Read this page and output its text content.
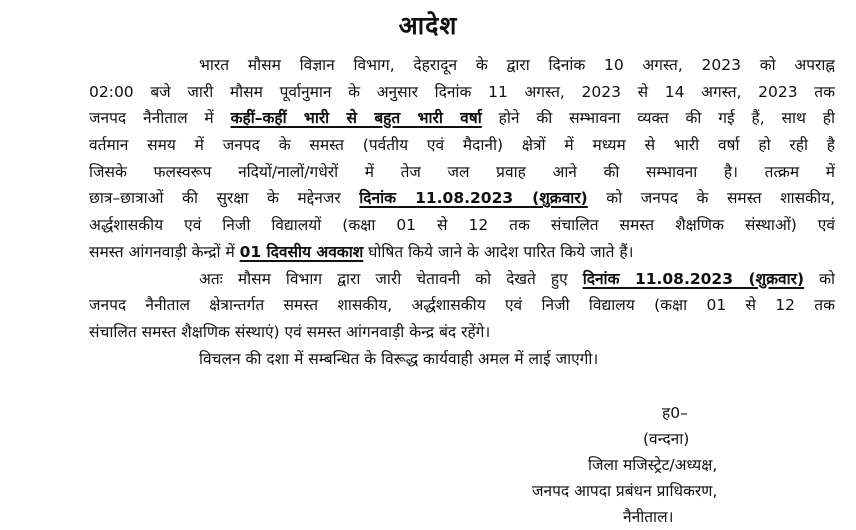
आदेश
भारत मौसम विज्ञान विभाग, देहरादून के द्वारा दिनांक 10 अगस्त, 2023 को अपराह्न
02:00 बजे जारी मौसम पूर्वानुमान के अनुसार दिनांक 11 अगस्त, 2023 से 14 अगस्त, 2023 तक
जनपद नैनीताल में कहीं–कहीं भारी से बहुत भारी वर्षा होने की सम्भावना व्यक्त की गई हैं, साथ ही
वर्तमान समय में जनपद के समस्त (पर्वतीय एवं मैदानी) क्षेत्रों में मध्यम से भारी वर्षा हो रही है
जिसके फलस्वरूप नदियों/नालों/गधेरों में तेज जल प्रवाह आने की सम्भावना है। तत्क्रम में
छात्र–छात्राओं की सुरक्षा के मद्देनजर दिनांक 11.08.2023 (शुक्रवार) को जनपद के समस्त शासकीय,
अर्द्धशासकीय एवं निजी विद्यालयों (कक्षा 01 से 12 तक संचालित समस्त शैक्षणिक संस्थाओं) एवं
समस्त आंगनवाड़ी केन्द्रों में 01 दिवसीय अवकाश घोषित किये जाने के आदेश पारित किये जाते हैं।
अतः मौसम विभाग द्वारा जारी चेतावनी को देखते हुए दिनांक 11.08.2023 (शुक्रवार) को
जनपद नैनीताल क्षेत्रान्तर्गत समस्त शासकीय, अर्द्धशासकीय एवं निजी विद्यालय (कक्षा 01 से 12 तक
संचालित समस्त शैक्षणिक संस्थाएं) एवं समस्त आंगनवाड़ी केन्द्र बंद रहेंगे।
विचलन की दशा में सम्बन्धित के विरूद्ध कार्यवाही अमल में लाई जाएगी।
ह0–
(वन्दना)
जिला मजिस्ट्रेट/अध्यक्ष,
जनपद आपदा प्रबंधन प्राधिकरण,
नैनीताल।
